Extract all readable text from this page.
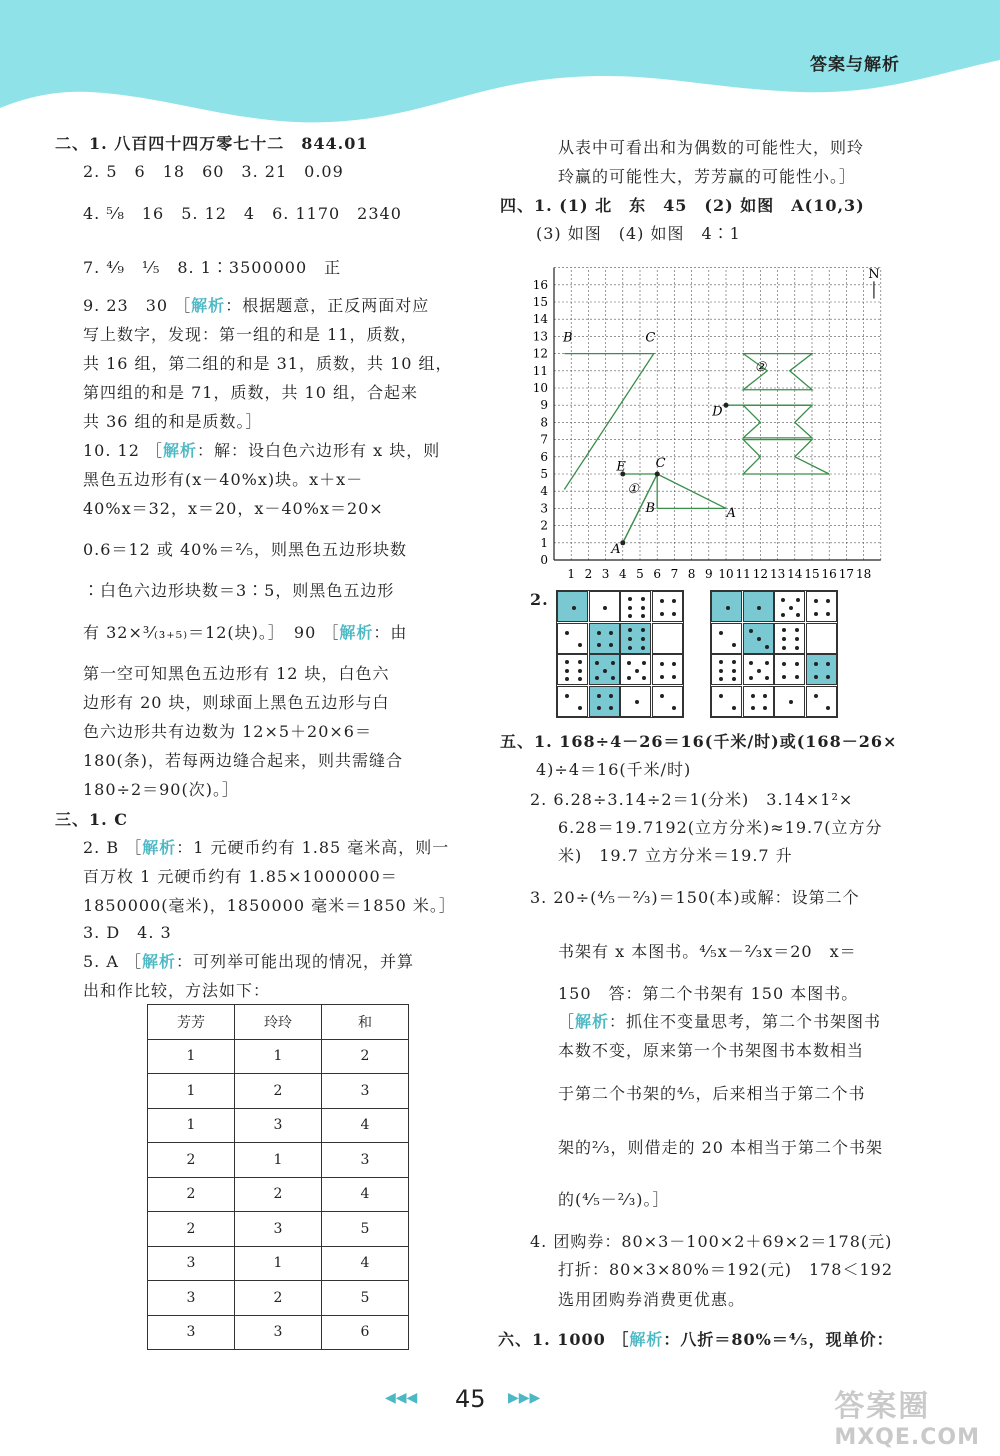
答案与解析
二、1. 八百四十四万零七十二　844.01
2. 5　6　18　60　3. 21　0.09
4. ⁵⁄₈　16　5. 12　4　6. 1170　2340
7. ⁴⁄₉　¹⁄₅　8. 1∶3500000　正
9. 23　30 ［解析：根据题意，正反两面对应
写上数字，发现：第一组的和是 11，质数，
共 16 组，第二组的和是 31，质数，共 10 组，
第四组的和是 71，质数，共 10 组，合起来
共 36 组的和是质数。］
10. 12 ［解析：解：设白色六边形有 x 块，则
黑色五边形有(x－40%x)块。x＋x－
40%x＝32，x＝20，x－40%x＝20×
0.6＝12 或 40%＝²⁄₅，则黑色五边形块数
∶白色六边形块数＝3∶5，则黑色五边形
有 32×³⁄₍₃₊₅₎＝12(块)。］　90 ［解析：由
第一空可知黑色五边形有 12 块，白色六
边形有 20 块，则球面上黑色五边形与白
色六边形共有边数为 12×5＋20×6＝
180(条)，若每两边缝合起来，则共需缝合
180÷2＝90(次)。］
三、1. C
2. B ［解析：1 元硬币约有 1.85 毫米高，则一
百万枚 1 元硬币约有 1.85×1000000＝
1850000(毫米)，1850000 毫米＝1850 米。］
3. D　4. 3
5. A ［解析：可列举可能出现的情况，并算
出和作比较，方法如下：
芳芳	玲玲	和
1	1	2
1	2	3
1	3	4
2	1	3
2	2	4
2	3	5
3	1	4
3	2	5
3	3	6
从表中可看出和为偶数的可能性大，则玲
玲赢的可能性大，芳芳赢的可能性小。］
四、1. (1) 北　东　45　(2) 如图　A(10,3)
(3) 如图　(4) 如图　4∶1
1 2 3 4 5 6 7 8 9 10 11 12 13 14 15 16 17 18
0
1
2
3
4
5
6
7
8
9
10
11
12
13
14
15
16
N
B	C
E C
B	A
A
D
①
②
2.
五、1. 168÷4－26＝16(千米/时)或(168－26×
4)÷4＝16(千米/时)
2. 6.28÷3.14÷2＝1(分米)　3.14×1²×
6.28＝19.7192(立方分米)≈19.7(立方分
米)　19.7 立方分米＝19.7 升
3. 20÷(⁴⁄₅－²⁄₃)＝150(本)或解：设第二个
书架有 x 本图书。⁴⁄₅x－²⁄₃x＝20　x＝
150　答：第二个书架有 150 本图书。
［解析：抓住不变量思考，第二个书架图书
本数不变，原来第一个书架图书本数相当
于第二个书架的⁴⁄₅，后来相当于第二个书
架的²⁄₃，则借走的 20 本相当于第二个书架
的(⁴⁄₅－²⁄₃)。］
4. 团购券：80×3－100×2＋69×2＝178(元)
打折：80×3×80%＝192(元)　178＜192
选用团购券消费更优惠。
六、1. 1000 ［解析：八折＝80%＝⁴⁄₅，现单价：
◀◀◀ 45 ▶▶▶	答案圈
MXQE.COM
